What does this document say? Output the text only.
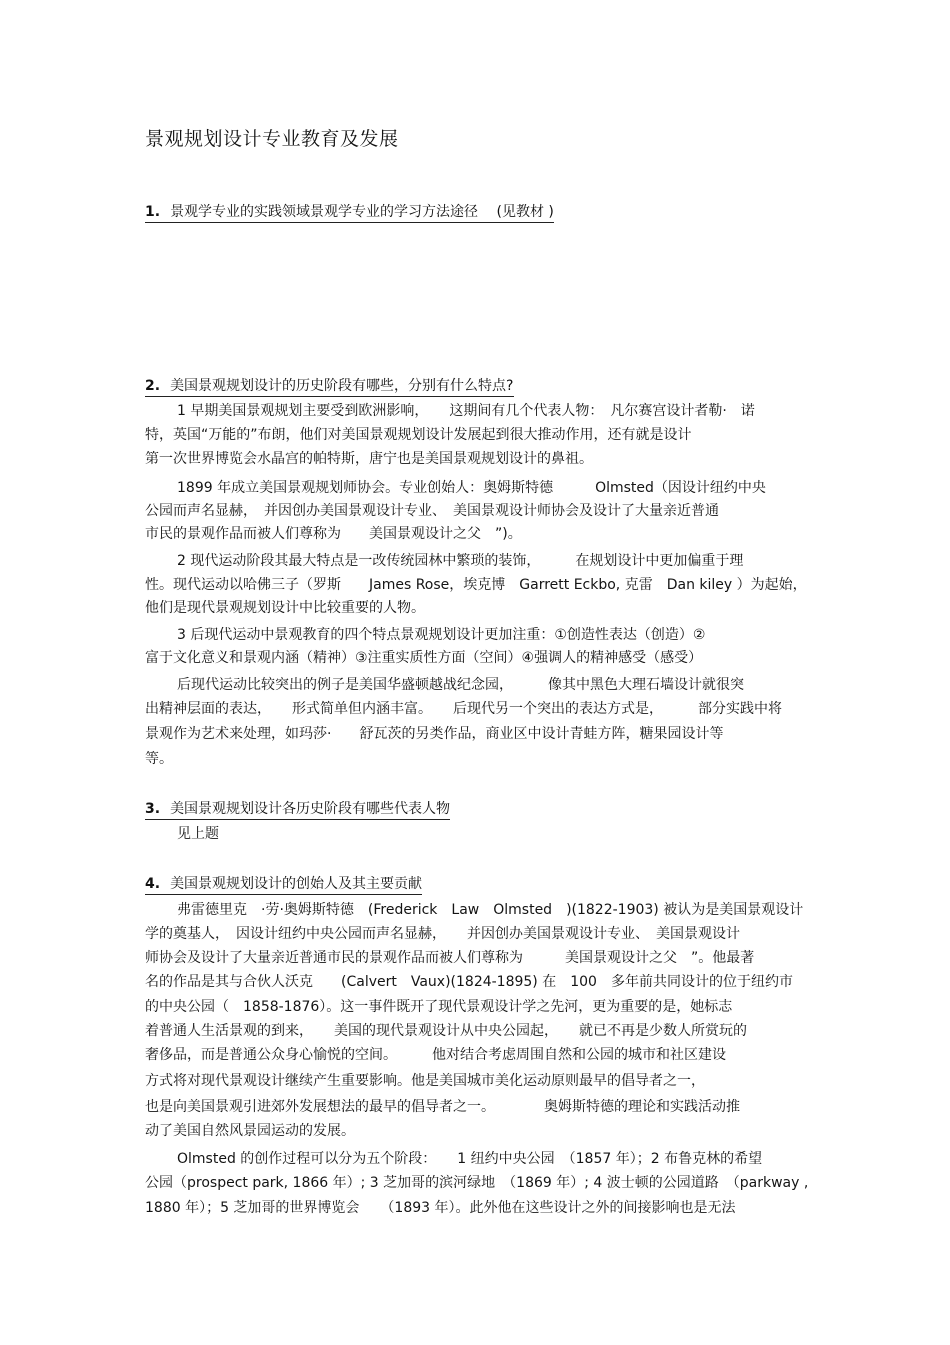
景观规划设计专业教育及发展
1. 景观学专业的实践领域景观学专业的学习方法途径　 (见教材 )
2. 美国景观规划设计的历史阶段有哪些，分别有什么特点?
1 早期美国景观规划主要受到欧洲影响，　　这期间有几个代表人物：　凡尔赛宫设计者勒·　诺
特，英国“万能的”布朗，他们对美国景观规划设计发展起到很大推动作用，还有就是设计
第一次世界博览会水晶宫的帕特斯，唐宁也是美国景观规划设计的鼻祖。
1899 年成立美国景观规划师协会。专业创始人：奥姆斯特德　　　Olmsted（因设计纽约中央
公园而声名显赫，　并因创办美国景观设计专业、　美国景观设计师协会及设计了大量亲近普通
市民的景观作品而被人们尊称为　　美国景观设计之父　”)。
2 现代运动阶段其最大特点是一改传统园林中繁琐的装饰，　　　在规划设计中更加偏重于理
性。现代运动以哈佛三子（罗斯　　James Rose，埃克博　Garrett Eckbo, 克雷　Dan kiley ）为起始，
他们是现代景观规划设计中比较重要的人物。
3 后现代运动中景观教育的四个特点景观规划设计更加注重：①创造性表达（创造）②
富于文化意义和景观内涵（精神）③注重实质性方面（空间）④强调人的精神感受（感受）
后现代运动比较突出的例子是美国华盛顿越战纪念园，　　　像其中黑色大理石墙设计就很突
出精神层面的表达，　　形式简单但内涵丰富。　　后现代另一个突出的表达方式是，　　　部分实践中将
景观作为艺术来处理，如玛莎·　　舒瓦茨的另类作品，商业区中设计青蛙方阵，糖果园设计等
等。
3. 美国景观规划设计各历史阶段有哪些代表人物
见上题
4. 美国景观规划设计的创始人及其主要贡献
弗雷德里克　·劳·奥姆斯特德　(Frederick　Law　Olmsted　)(1822-1903) 被认为是美国景观设计
学的奠基人，　因设计纽约中央公园而声名显赫，　　并因创办美国景观设计专业、　美国景观设计
师协会及设计了大量亲近普通市民的景观作品而被人们尊称为　　　美国景观设计之父　”。他最著
名的作品是其与合伙人沃克　　(Calvert　Vaux)(1824-1895) 在　100　多年前共同设计的位于纽约市
的中央公园（　1858-1876）。这一事件既开了现代景观设计学之先河，更为重要的是，她标志
着普通人生活景观的到来，　　美国的现代景观设计从中央公园起，　　就已不再是少数人所赏玩的
奢侈品，而是普通公众身心愉悦的空间。　　　他对结合考虑周围自然和公园的城市和社区建设
方式将对现代景观设计继续产生重要影响。他是美国城市美化运动原则最早的倡导者之一，
也是向美国景观引进郊外发展想法的最早的倡导者之一。　　　　奥姆斯特德的理论和实践活动推
动了美国自然风景园运动的发展。
Olmsted 的创作过程可以分为五个阶段：　　1 纽约中央公园　（1857 年）；2 布鲁克林的希望
公园（prospect park, 1866 年）; 3 芝加哥的滨河绿地　（1869 年）; 4 波士顿的公园道路　（parkway ,
1880 年）；5 芝加哥的世界博览会　　（1893 年）。此外他在这些设计之外的间接影响也是无法
